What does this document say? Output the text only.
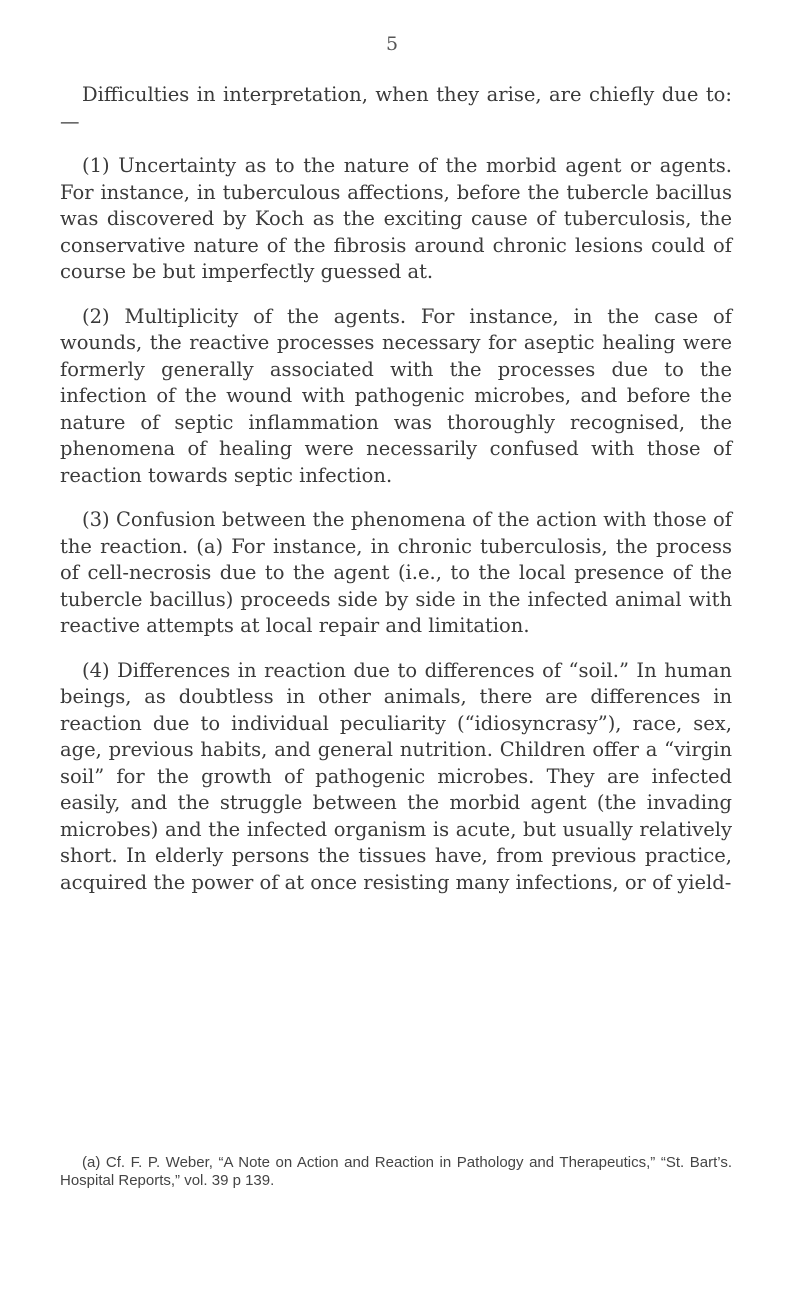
5

Difficulties in interpretation, when they arise, are chiefly due to:—

(1) Uncertainty as to the nature of the morbid agent or agents. For instance, in tuberculous affections, before the tubercle bacillus was discovered by Koch as the exciting cause of tuberculosis, the conservative nature of the fibrosis around chronic lesions could of course be but imperfectly guessed at.

(2) Multiplicity of the agents. For instance, in the case of wounds, the reactive processes necessary for aseptic healing were formerly generally associated with the processes due to the infection of the wound with pathogenic microbes, and before the nature of septic inflammation was thoroughly recognised, the phenomena of healing were necessarily confused with those of reaction towards septic infection.

(3) Confusion between the phenomena of the action with those of the reaction. (a) For instance, in chronic tuberculosis, the process of cell-necrosis due to the agent (i.e., to the local presence of the tubercle bacillus) proceeds side by side in the infected animal with reactive attempts at local repair and limitation.

(4) Differences in reaction due to differences of “soil.” In human beings, as doubtless in other animals, there are differences in reaction due to individual peculiarity (“idiosyncrasy”), race, sex, age, previous habits, and general nutrition. Children offer a “virgin soil” for the growth of pathogenic microbes. They are infected easily, and the struggle between the morbid agent (the invading microbes) and the infected organism is acute, but usually relatively short. In elderly persons the tissues have, from previous practice, acquired the power of at once resisting many infections, or of yield-

(a) Cf. F. P. Weber, “A Note on Action and Reaction in Pathology and Therapeutics,” “St. Bart’s. Hospital Reports,” vol. 39 p 139.
